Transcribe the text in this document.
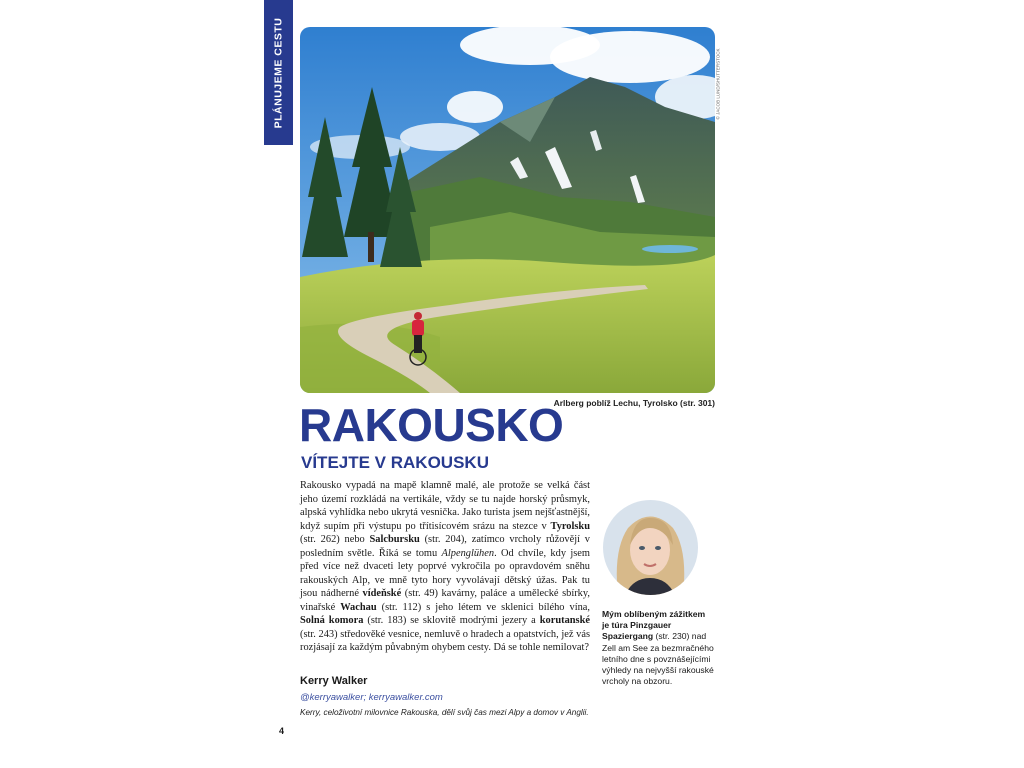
PLÁNUJEME CESTU	© JACOB LUND/SHUTTERSTOCK
Arlberg poblíž Lechu, Tyrolsko (str. 301)
RAKOUSKO
VÍTEJTE V RAKOUSKU

Rakousko vypadá na mapě klamně malé, ale protože se velká část jeho území rozkládá na vertikále, vždy se tu najde horský průsmyk, alpská vyhlídka nebo ukrytá vesnička. Jako turista jsem nejšťastnější, když supím při výstupu po třítisícovém srázu na stezce v Tyrolsku (str. 262) nebo Salcbursku (str. 204), zatímco vrcholy růžovějí v posledním světle. Říká se tomu Alpenglühen. Od chvíle, kdy jsem před více než dvaceti lety poprvé vykročila po opravdovém sněhu rakouských Alp, ve mně tyto hory vyvolávají dětský úžas. Pak tu jsou nádherné vídeňské (str. 49) kavárny, paláce a umělecké sbírky, vinařské Wachau (str. 112) s jeho létem ve sklenici bílého vína, Solná komora (str. 183) se sklovitě modrými jezery a korutanské (str. 243) středověké vesnice, nemluvě o hradech a opatstvích, jež vás rozjásají za každým půvabným ohybem cesty. Dá se tohle nemilovat?

Kerry Walker
@kerryawalker; kerryawalker.com
Kerry, celoživotní milovnice Rakouska, dělí svůj čas mezi Alpy a domov v Anglii.
Mým oblíbeným zážitkem je túra Pinzgauer Spaziergang (str. 230) nad Zell am See za bezmračného letního dne s povznášejícími výhledy na nejvyšší rakouské vrcholy na obzoru.
4
